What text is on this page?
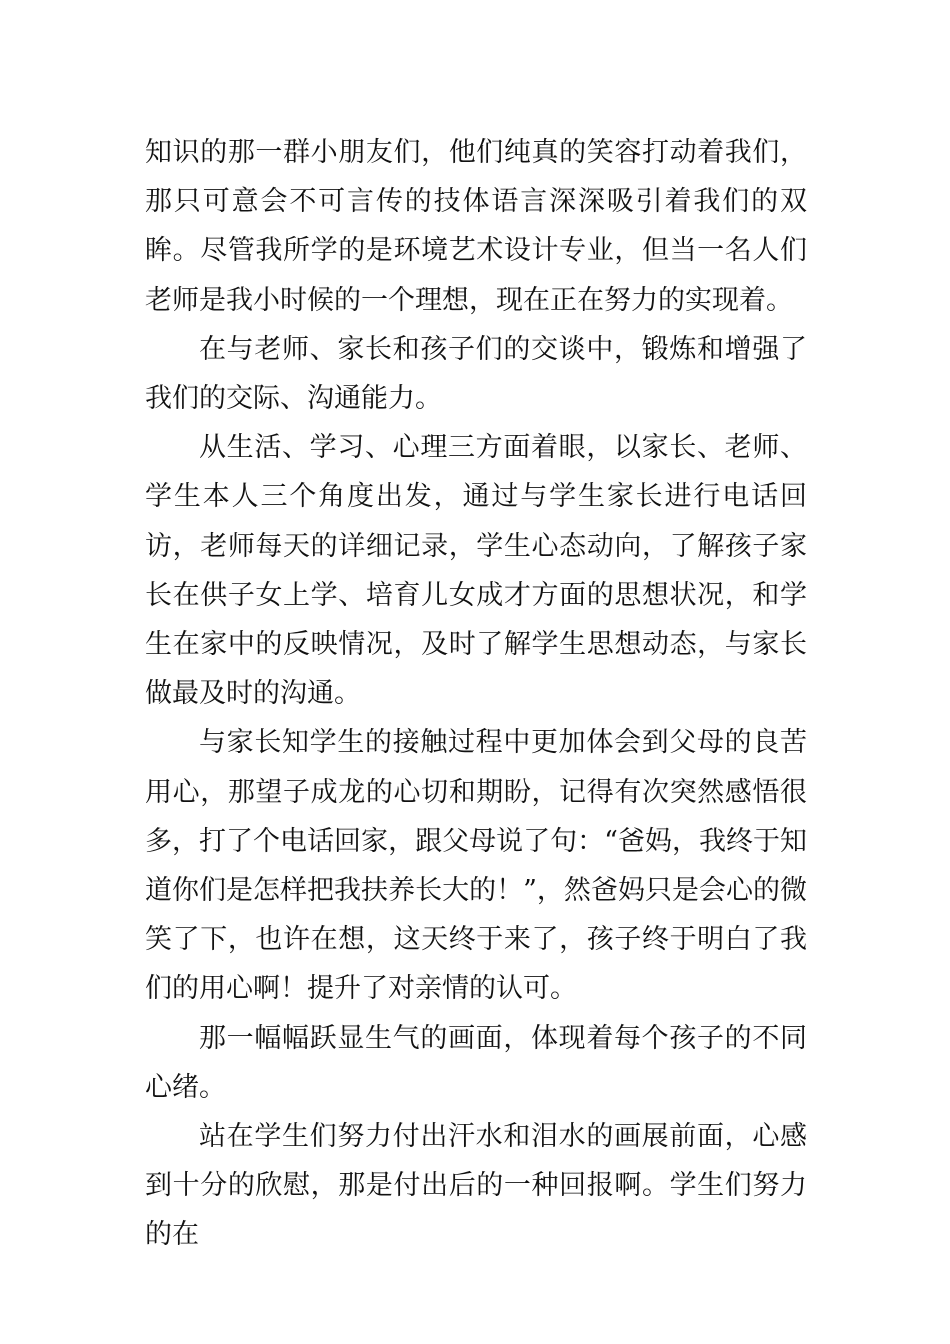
知识的那一群小朋友们，他们纯真的笑容打动着我们，那只可意会不可言传的技体语言深深吸引着我们的双眸。尽管我所学的是环境艺术设计专业，但当一名人们老师是我小时候的一个理想，现在正在努力的实现着。

在与老师、家长和孩子们的交谈中，锻炼和增强了我们的交际、沟通能力。

从生活、学习、心理三方面着眼，以家长、老师、学生本人三个角度出发，通过与学生家长进行电话回访，老师每天的详细记录，学生心态动向，了解孩子家长在供子女上学、培育儿女成才方面的思想状况，和学生在家中的反映情况，及时了解学生思想动态，与家长做最及时的沟通。

与家长知学生的接触过程中更加体会到父母的良苦用心，那望子成龙的心切和期盼，记得有次突然感悟很多，打了个电话回家，跟父母说了句：“爸妈，我终于知道你们是怎样把我扶养长大的！”，然爸妈只是会心的微笑了下，也许在想，这天终于来了，孩子终于明白了我们的用心啊！提升了对亲情的认可。

那一幅幅跃显生气的画面，体现着每个孩子的不同心绪。

站在学生们努力付出汗水和泪水的画展前面，心感到十分的欣慰，那是付出后的一种回报啊。学生们努力的在
